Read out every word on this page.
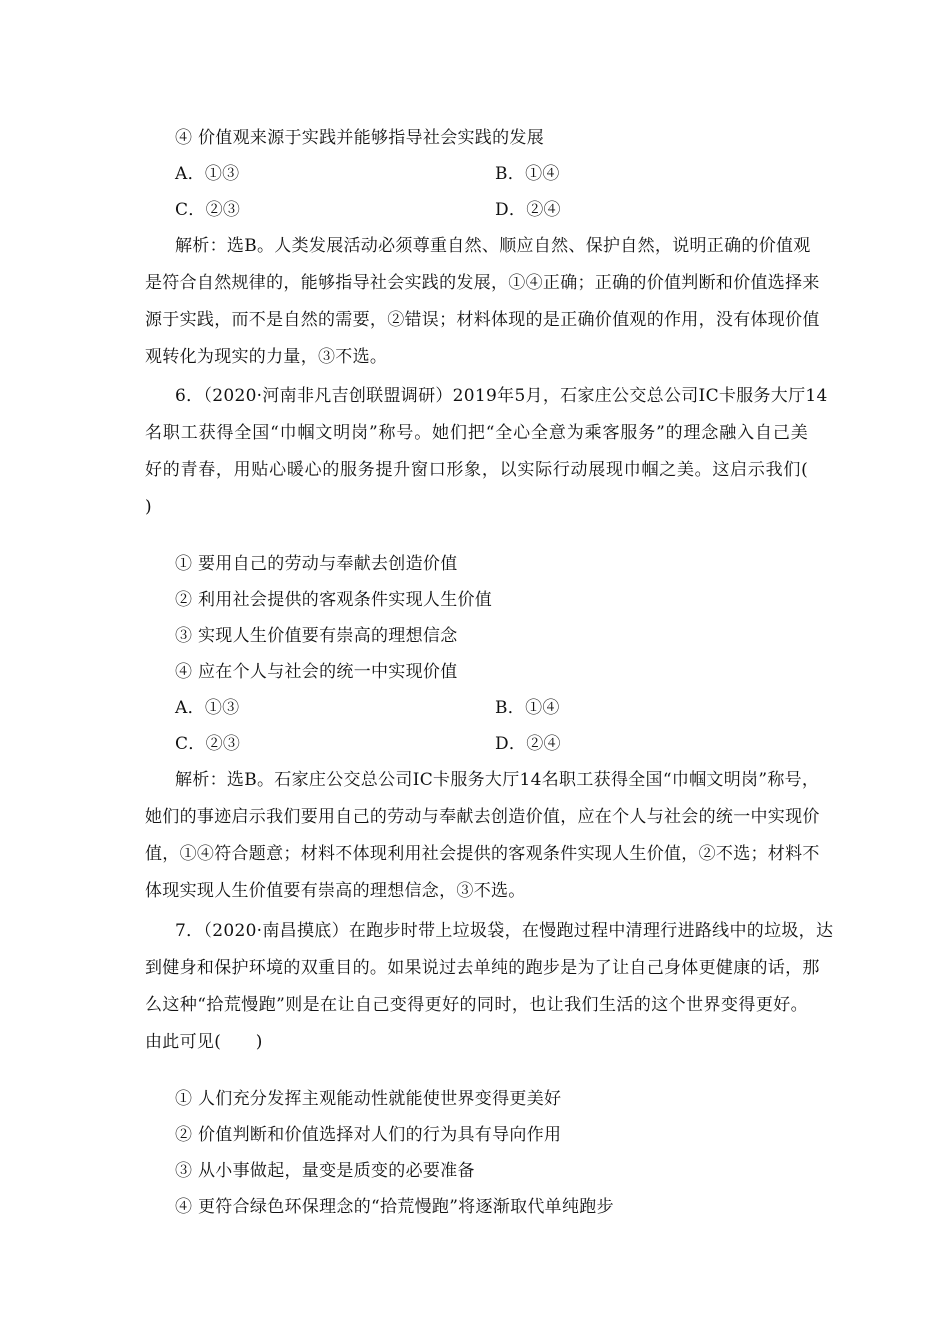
④ 价值观来源于实践并能够指导社会实践的发展
A．①③	B．①④
C．②③	D．②④
解析：选B。人类发展活动必须尊重自然、顺应自然、保护自然，说明正确的价值观
是符合自然规律的，能够指导社会实践的发展，①④正确；正确的价值判断和价值选择来
源于实践，而不是自然的需要，②错误；材料体现的是正确价值观的作用，没有体现价值
观转化为现实的力量，③不选。
6．（2020·河南非凡吉创联盟调研）2019年5月，石家庄公交总公司IC卡服务大厅14
名职工获得全国“巾帼文明岗”称号。她们把“全心全意为乘客服务”的理念融入自己美
好的青春，用贴心暖心的服务提升窗口形象，以实际行动展现巾帼之美。这启示我们(
)
① 要用自己的劳动与奉献去创造价值
② 利用社会提供的客观条件实现人生价值
③ 实现人生价值要有崇高的理想信念
④ 应在个人与社会的统一中实现价值
A．①③	B．①④
C．②③	D．②④
解析：选B。石家庄公交总公司IC卡服务大厅14名职工获得全国“巾帼文明岗”称号，
她们的事迹启示我们要用自己的劳动与奉献去创造价值，应在个人与社会的统一中实现价
值，①④符合题意；材料不体现利用社会提供的客观条件实现人生价值，②不选；材料不
体现实现人生价值要有崇高的理想信念，③不选。
7．（2020·南昌摸底）在跑步时带上垃圾袋，在慢跑过程中清理行进路线中的垃圾，达
到健身和保护环境的双重目的。如果说过去单纯的跑步是为了让自己身体更健康的话，那
么这种“拾荒慢跑”则是在让自己变得更好的同时，也让我们生活的这个世界变得更好。
由此可见(　　)
① 人们充分发挥主观能动性就能使世界变得更美好
② 价值判断和价值选择对人们的行为具有导向作用
③ 从小事做起，量变是质变的必要准备
④ 更符合绿色环保理念的“拾荒慢跑”将逐渐取代单纯跑步
